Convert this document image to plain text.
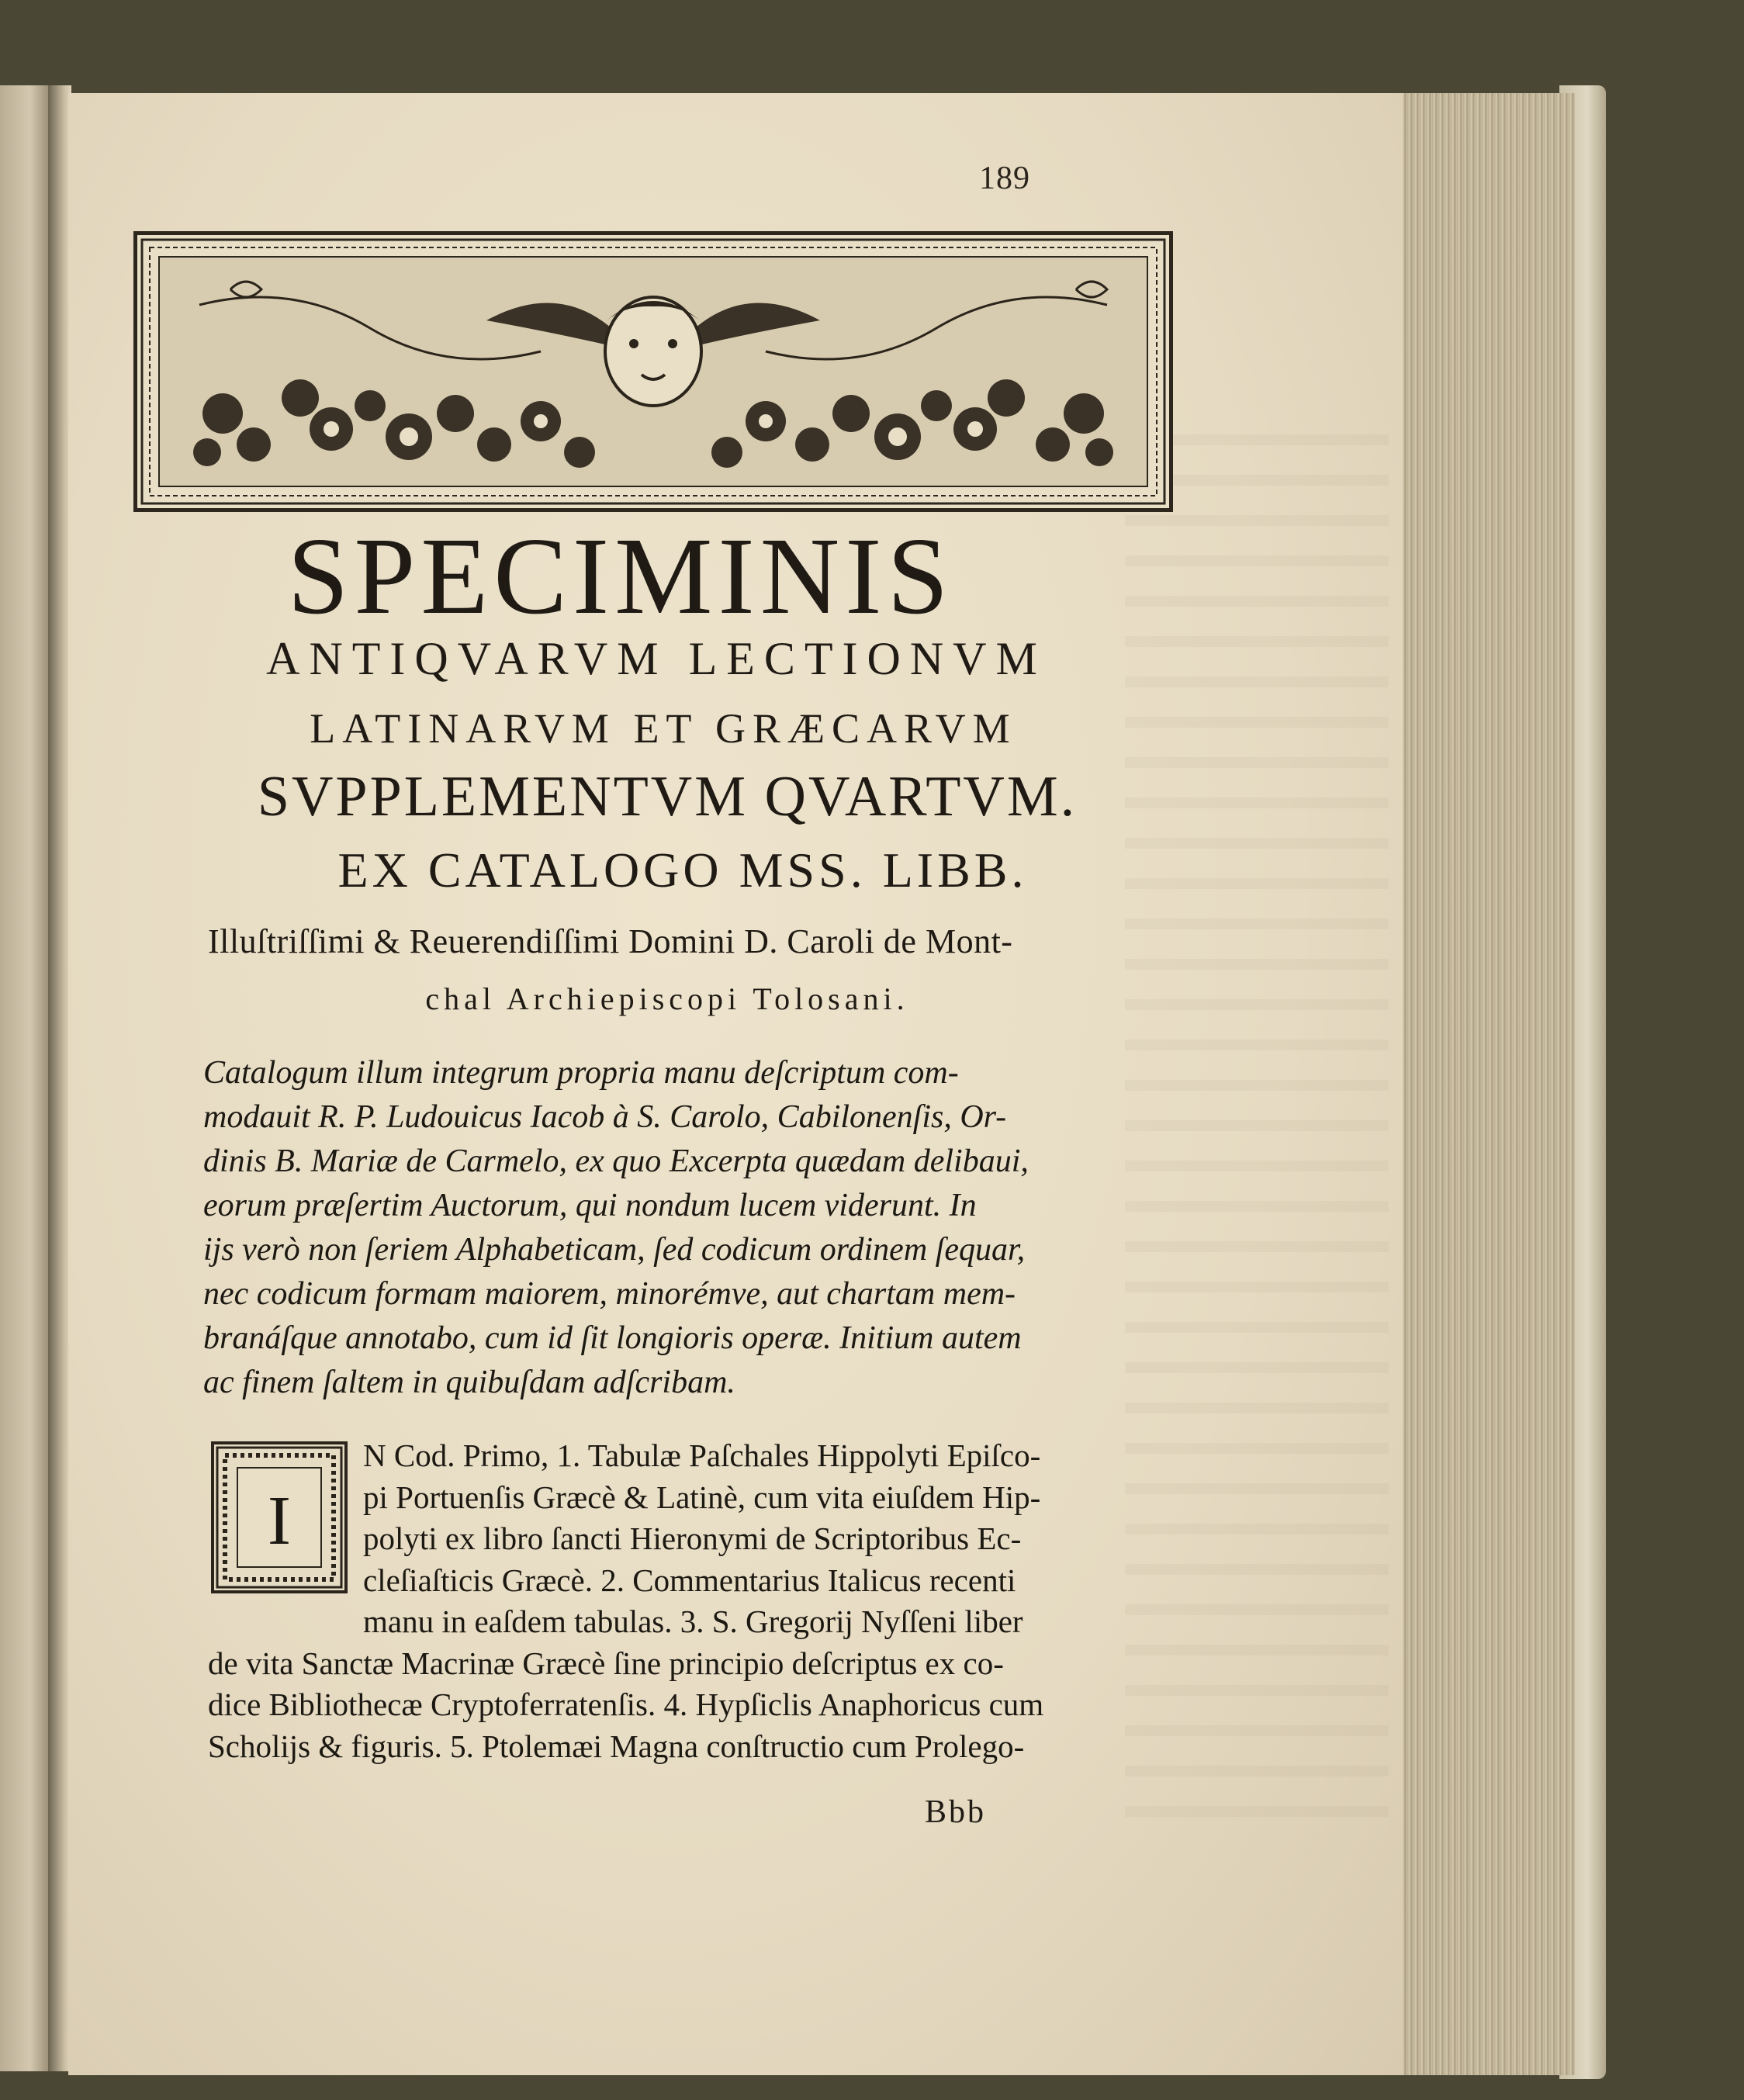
189
SPECIMINIS
ANTIQVARVM LECTIONVM
LATINARVM ET GRÆCARVM
SVPPLEMENTVM QVARTVM.
EX CATALOGO MSS. LIBB.
Illuſtriſſimi & Reuerendiſſimi Domini D. Caroli de Mont-
chal Archiepiscopi Tolosani.
Catalogum illum integrum propria manu deſcriptum com-
modauit R. P. Ludouicus Iacob à S. Carolo, Cabilonenſis, Or-
dinis B. Mariæ de Carmelo, ex quo Excerpta quædam delibaui,
eorum præſertim Auctorum, qui nondum lucem viderunt. In
ijs verò non ſeriem Alphabeticam, ſed codicum ordinem ſequar,
nec codicum formam maiorem, minorémve, aut chartam mem-
branáſque annotabo, cum id ſit longioris operæ. Initium autem
ac finem ſaltem in quibuſdam adſcribam.
I
N Cod. Primo, 1. Tabulæ Paſchales Hippolyti Epiſco-
pi Portuenſis Græcè & Latinè, cum vita eiuſdem Hip-
polyti ex libro ſancti Hieronymi de Scriptoribus Ec-
cleſiaſticis Græcè. 2. Commentarius Italicus recenti
manu in eaſdem tabulas. 3. S. Gregorij Nyſſeni liber
de vita Sanctæ Macrinæ Græcè ſine principio deſcriptus ex co-
dice Bibliothecæ Cryptoferratenſis. 4. Hypſiclis Anaphoricus cum
Scholijs & figuris. 5. Ptolemæi Magna conſtructio cum Prolego-
Bbb
